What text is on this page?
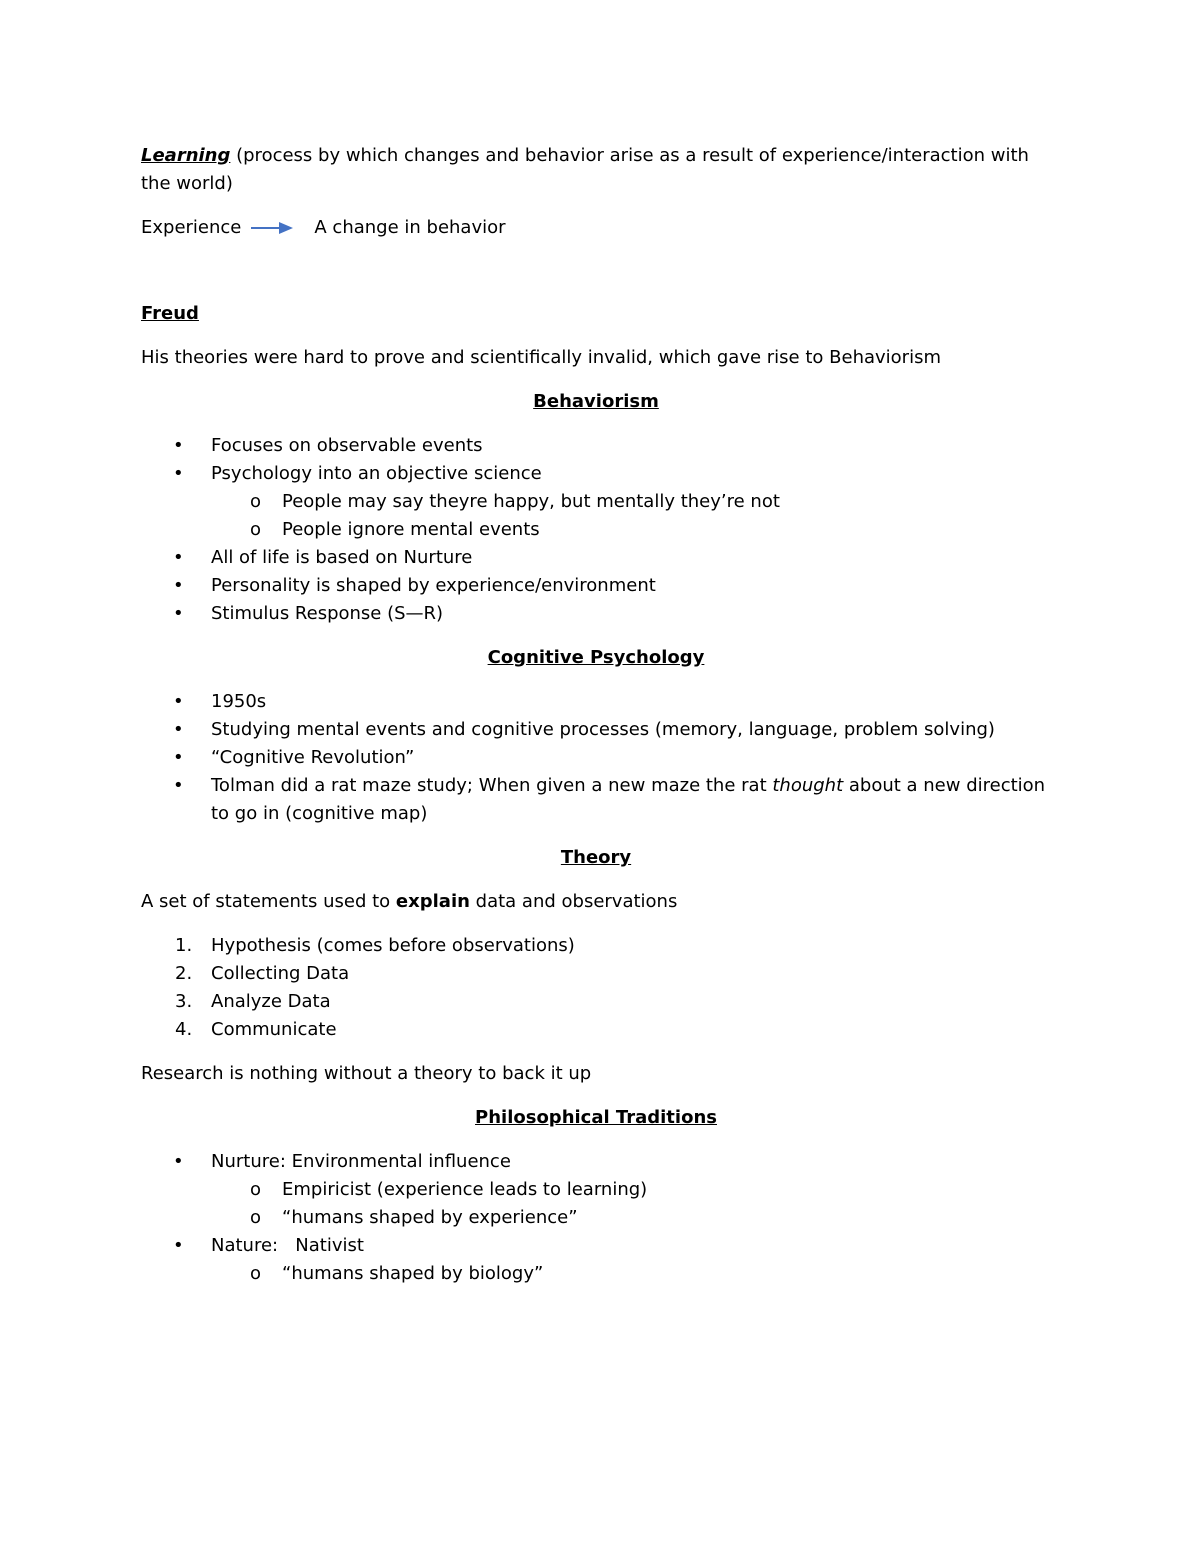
Learning (process by which changes and behavior arise as a result of experience/interaction with the world)

Experience	A change in behavior

Freud

His theories were hard to prove and scientifically invalid, which gave rise to Behaviorism

Behaviorism

• Focuses on observable events
• Psychology into an objective science
o People may say theyre happy, but mentally they’re not
o People ignore mental events
• All of life is based on Nurture
• Personality is shaped by experience/environment
• Stimulus Response (S—R)

Cognitive Psychology

• 1950s
• Studying mental events and cognitive processes (memory, language, problem solving)
• “Cognitive Revolution”
• Tolman did a rat maze study; When given a new maze the rat thought about a new direction to go in (cognitive map)

Theory

A set of statements used to explain data and observations

1. Hypothesis (comes before observations)
2. Collecting Data
3. Analyze Data
4. Communicate

Research is nothing without a theory to back it up

Philosophical Traditions

• Nurture: Environmental influence
o Empiricist (experience leads to learning)
o “humans shaped by experience”
• Nature:   Nativist
o “humans shaped by biology”
